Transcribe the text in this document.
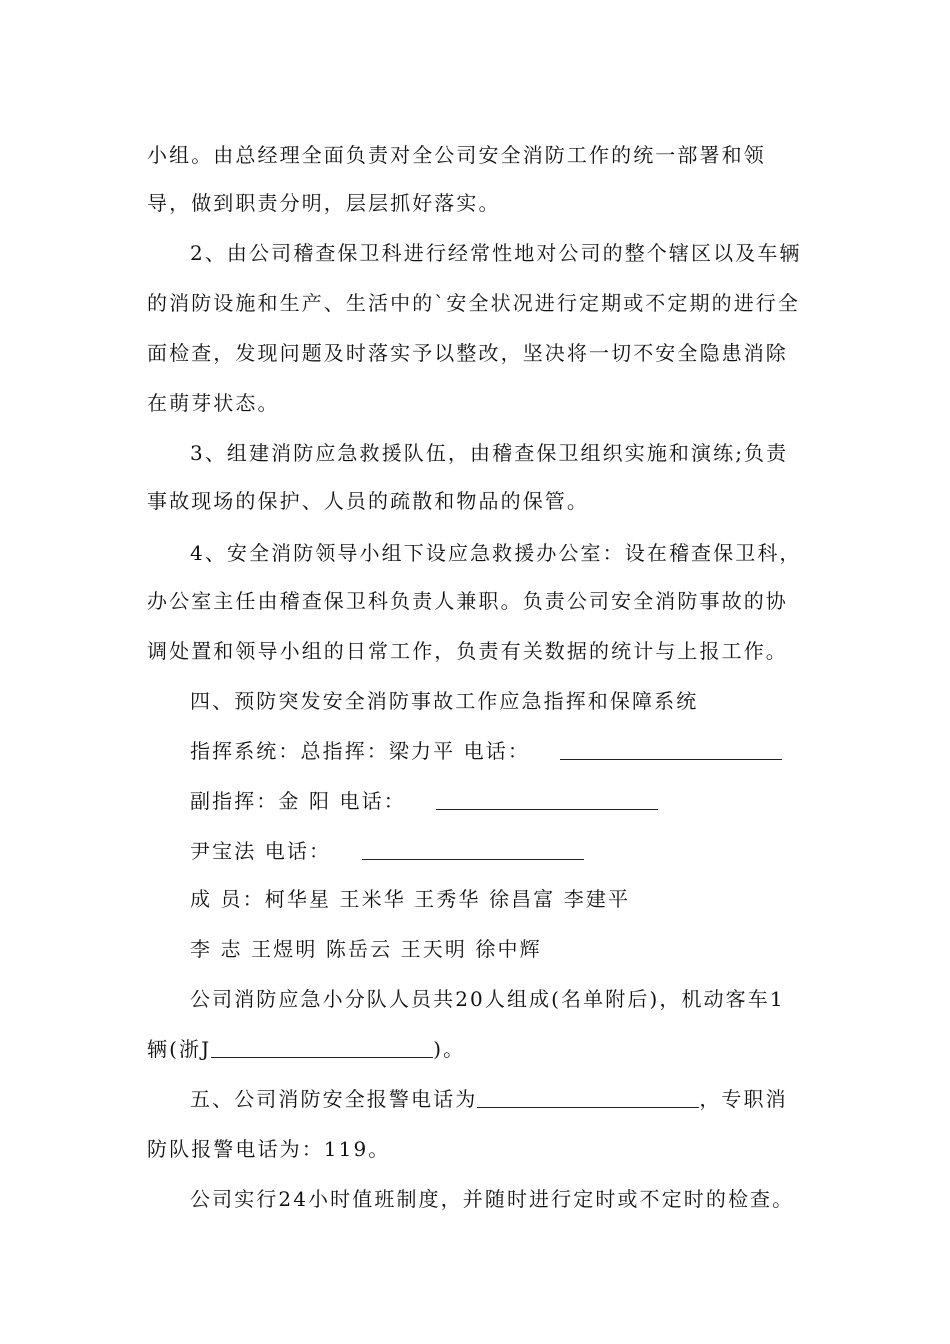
小组。由总经理全面负责对全公司安全消防工作的统一部署和领
导，做到职责分明，层层抓好落实。
2、由公司稽查保卫科进行经常性地对公司的整个辖区以及车辆
的消防设施和生产、生活中的`安全状况进行定期或不定期的进行全
面检查，发现问题及时落实予以整改，坚决将一切不安全隐患消除
在萌芽状态。
3、组建消防应急救援队伍，由稽查保卫组织实施和演练;负责
事故现场的保护、人员的疏散和物品的保管。
4、安全消防领导小组下设应急救援办公室：设在稽查保卫科，
办公室主任由稽查保卫科负责人兼职。负责公司安全消防事故的协
调处置和领导小组的日常工作，负责有关数据的统计与上报工作。
四、预防突发安全消防事故工作应急指挥和保障系统
指挥系统：总指挥：梁力平 电话：
副指挥：金 阳 电话：
尹宝法 电话：
成 员：柯华星 王米华 王秀华 徐昌富 李建平
李 志 王煜明 陈岳云 王天明 徐中辉
公司消防应急小分队人员共20人组成(名单附后)，机动客车1
辆(浙J	)。
五、公司消防安全报警电话为	，专职消
防队报警电话为：119。
公司实行24小时值班制度，并随时进行定时或不定时的检查。
